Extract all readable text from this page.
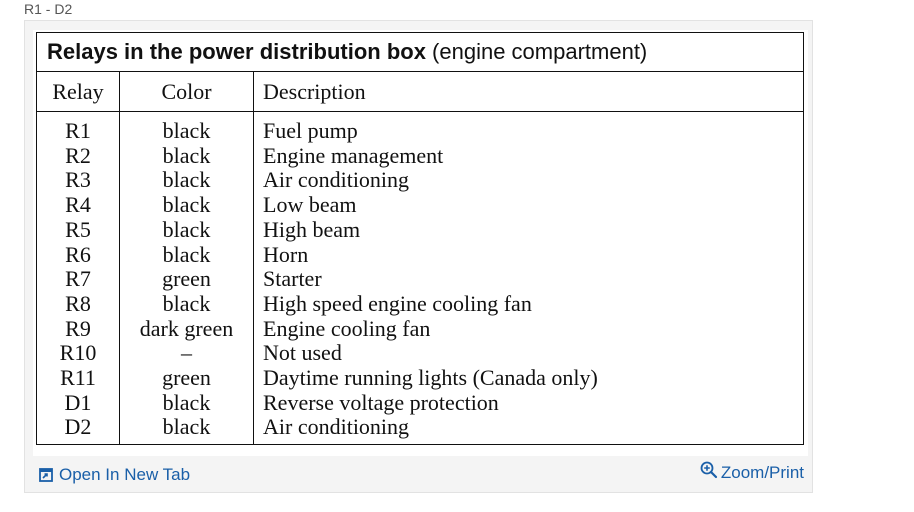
R1 - D2
Relays in the power distribution box (engine compartment)		
Relay	Color	Description
R1	black	Fuel pump
R2	black	Engine management
R3	black	Air conditioning
R4	black	Low beam
R5	black	High beam
R6	black	Horn
R7	green	Starter
R8	black	High speed engine cooling fan
R9	dark green	Engine cooling fan
R10	–	Not used
R11	green	Daytime running lights (Canada only)
D1	black	Reverse voltage protection
D2	black	Air conditioning
Open In New Tab	Zoom/Print
